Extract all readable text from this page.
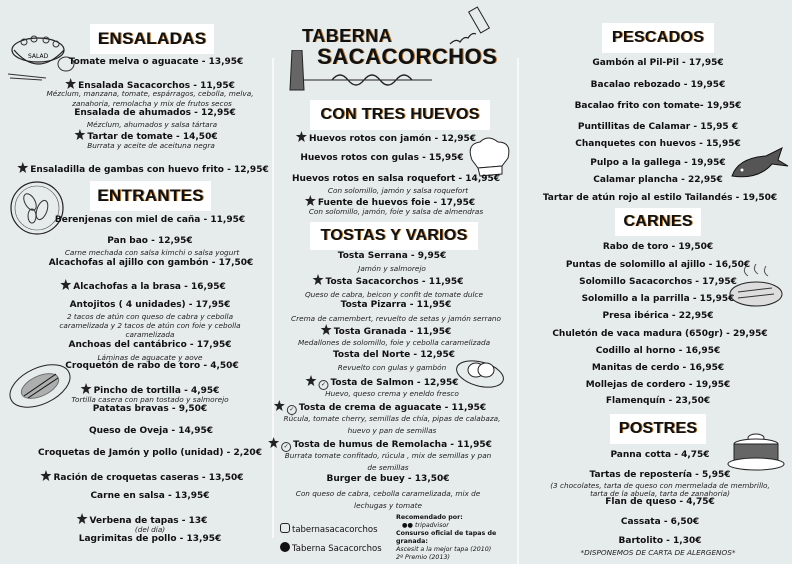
SALAD
ENSALADAS
Tomate melva o aguacate - 13,95€
Ensalada Sacacorchos - 11,95€
Mézclum, manzana, tomate, espárragos, cebolla, melva,
zanahoria, remolacha y mix de frutos secos
Ensalada de ahumados - 12,95€
Mézclum, ahumados y salsa tártara
Tartar de tomate - 14,50€
Burrata y aceite de aceituna negra
Ensaladilla de gambas con huevo frito - 12,95€
ENTRANTES
Berenjenas con miel de caña - 11,95€
Pan bao - 12,95€
Carne mechada con salsa kimchi o salsa yogurt
Alcachofas al ajillo con gambón - 17,50€
Alcachofas a la brasa - 16,95€
Antojitos ( 4 unidades) - 17,95€
2 tacos de atún con queso de cabra y cebolla
caramelizada y 2 tacos de atún con foie y cebolla
caramelizada
Anchoas del cantábrico - 17,95€
Láminas de aguacate y aove
Croquetón de rabo de toro - 4,50€
Pincho de tortilla - 4,95€
Tortilla casera con pan tostado y salmorejo
Patatas bravas - 9,50€
Queso de Oveja - 14,95€
Croquetas de Jamón y pollo (unidad) - 2,20€
Ración de croquetas caseras - 13,50€
Carne en salsa - 13,95€
Verbena de tapas - 13€
(del día)
Lagrimitas de pollo - 13,95€
TABERNA
SACACORCHOS
CON TRES HUEVOS
Huevos rotos con jamón - 12,95€
Huevos rotos con gulas - 15,95€
Huevos rotos en salsa roquefort - 14,95€
Con solomillo, jamón y salsa roquefort
Fuente de huevos foie - 17,95€
Con solomillo, jamón, foie y salsa de almendras
TOSTAS Y VARIOS
Tosta Serrana - 9,95€
Jamón y salmorejo
Tosta Sacacorchos - 11,95€
Queso de cabra, beicon y confit de tomate dulce
Tosta Pizarra - 11,95€
Crema de camembert, revuelto de setas y jamón serrano
Tosta Granada - 11,95€
Medallones de solomillo, foie y cebolla caramelizada
Tosta del Norte - 12,95€
Revuelto con gulas y gambón
✓ Tosta de Salmon - 12,95€
Huevo, queso crema y eneldo fresco
✓ Tosta de crema de aguacate - 11,95€
Rúcula, tomate cherry, semillas de chía, pipas de calabaza,
huevo y pan de semillas
✓ Tosta de humus de Remolacha - 11,95€
Burrata tomate confitado, rúcula , mix de semillas y pan
de semillas
Burger de buey - 13,50€
Con queso de cabra, cebolla caramelizada, mix de
lechugas y tomate
tabernasacacorchos
Taberna Sacacorchos
Recomendado por:
●● tripadvisor
Consurso oficial de tapas de granada:
Ascesit a la mejor tapa (2010)
2º Premio (2013)
PESCADOS
Gambón al Pil-Pil - 17,95€
Bacalao rebozado - 19,95€
Bacalao frito con tomate- 19,95€
Puntillitas de Calamar - 15,95 €
Chanquetes con huevos - 15,95€
Pulpo a la gallega - 19,95€
Calamar plancha - 22,95€
Tartar de atún rojo al estilo Tailandés - 19,50€
CARNES
Rabo de toro - 19,50€
Puntas de solomillo al ajillo - 16,50€
Solomillo Sacacorchos - 17,95€
Solomillo a la parrilla - 15,95€
Presa ibérica - 22,95€
Chuletón de vaca madura (650gr) - 29,95€
Codillo al horno - 16,95€
Manitas de cerdo - 16,95€
Mollejas de cordero - 19,95€
Flamenquín - 23,50€
POSTRES
Panna cotta - 4,75€
Tartas de repostería - 5,95€
(3 chocolates, tarta de queso con mermelada de membrillo,
tarta de la abuela, tarta de zanahoria)
Flan de queso - 4,75€
Cassata - 6,50€
Bartolito - 1,30€
*DISPONEMOS DE CARTA DE ALERGENOS*
